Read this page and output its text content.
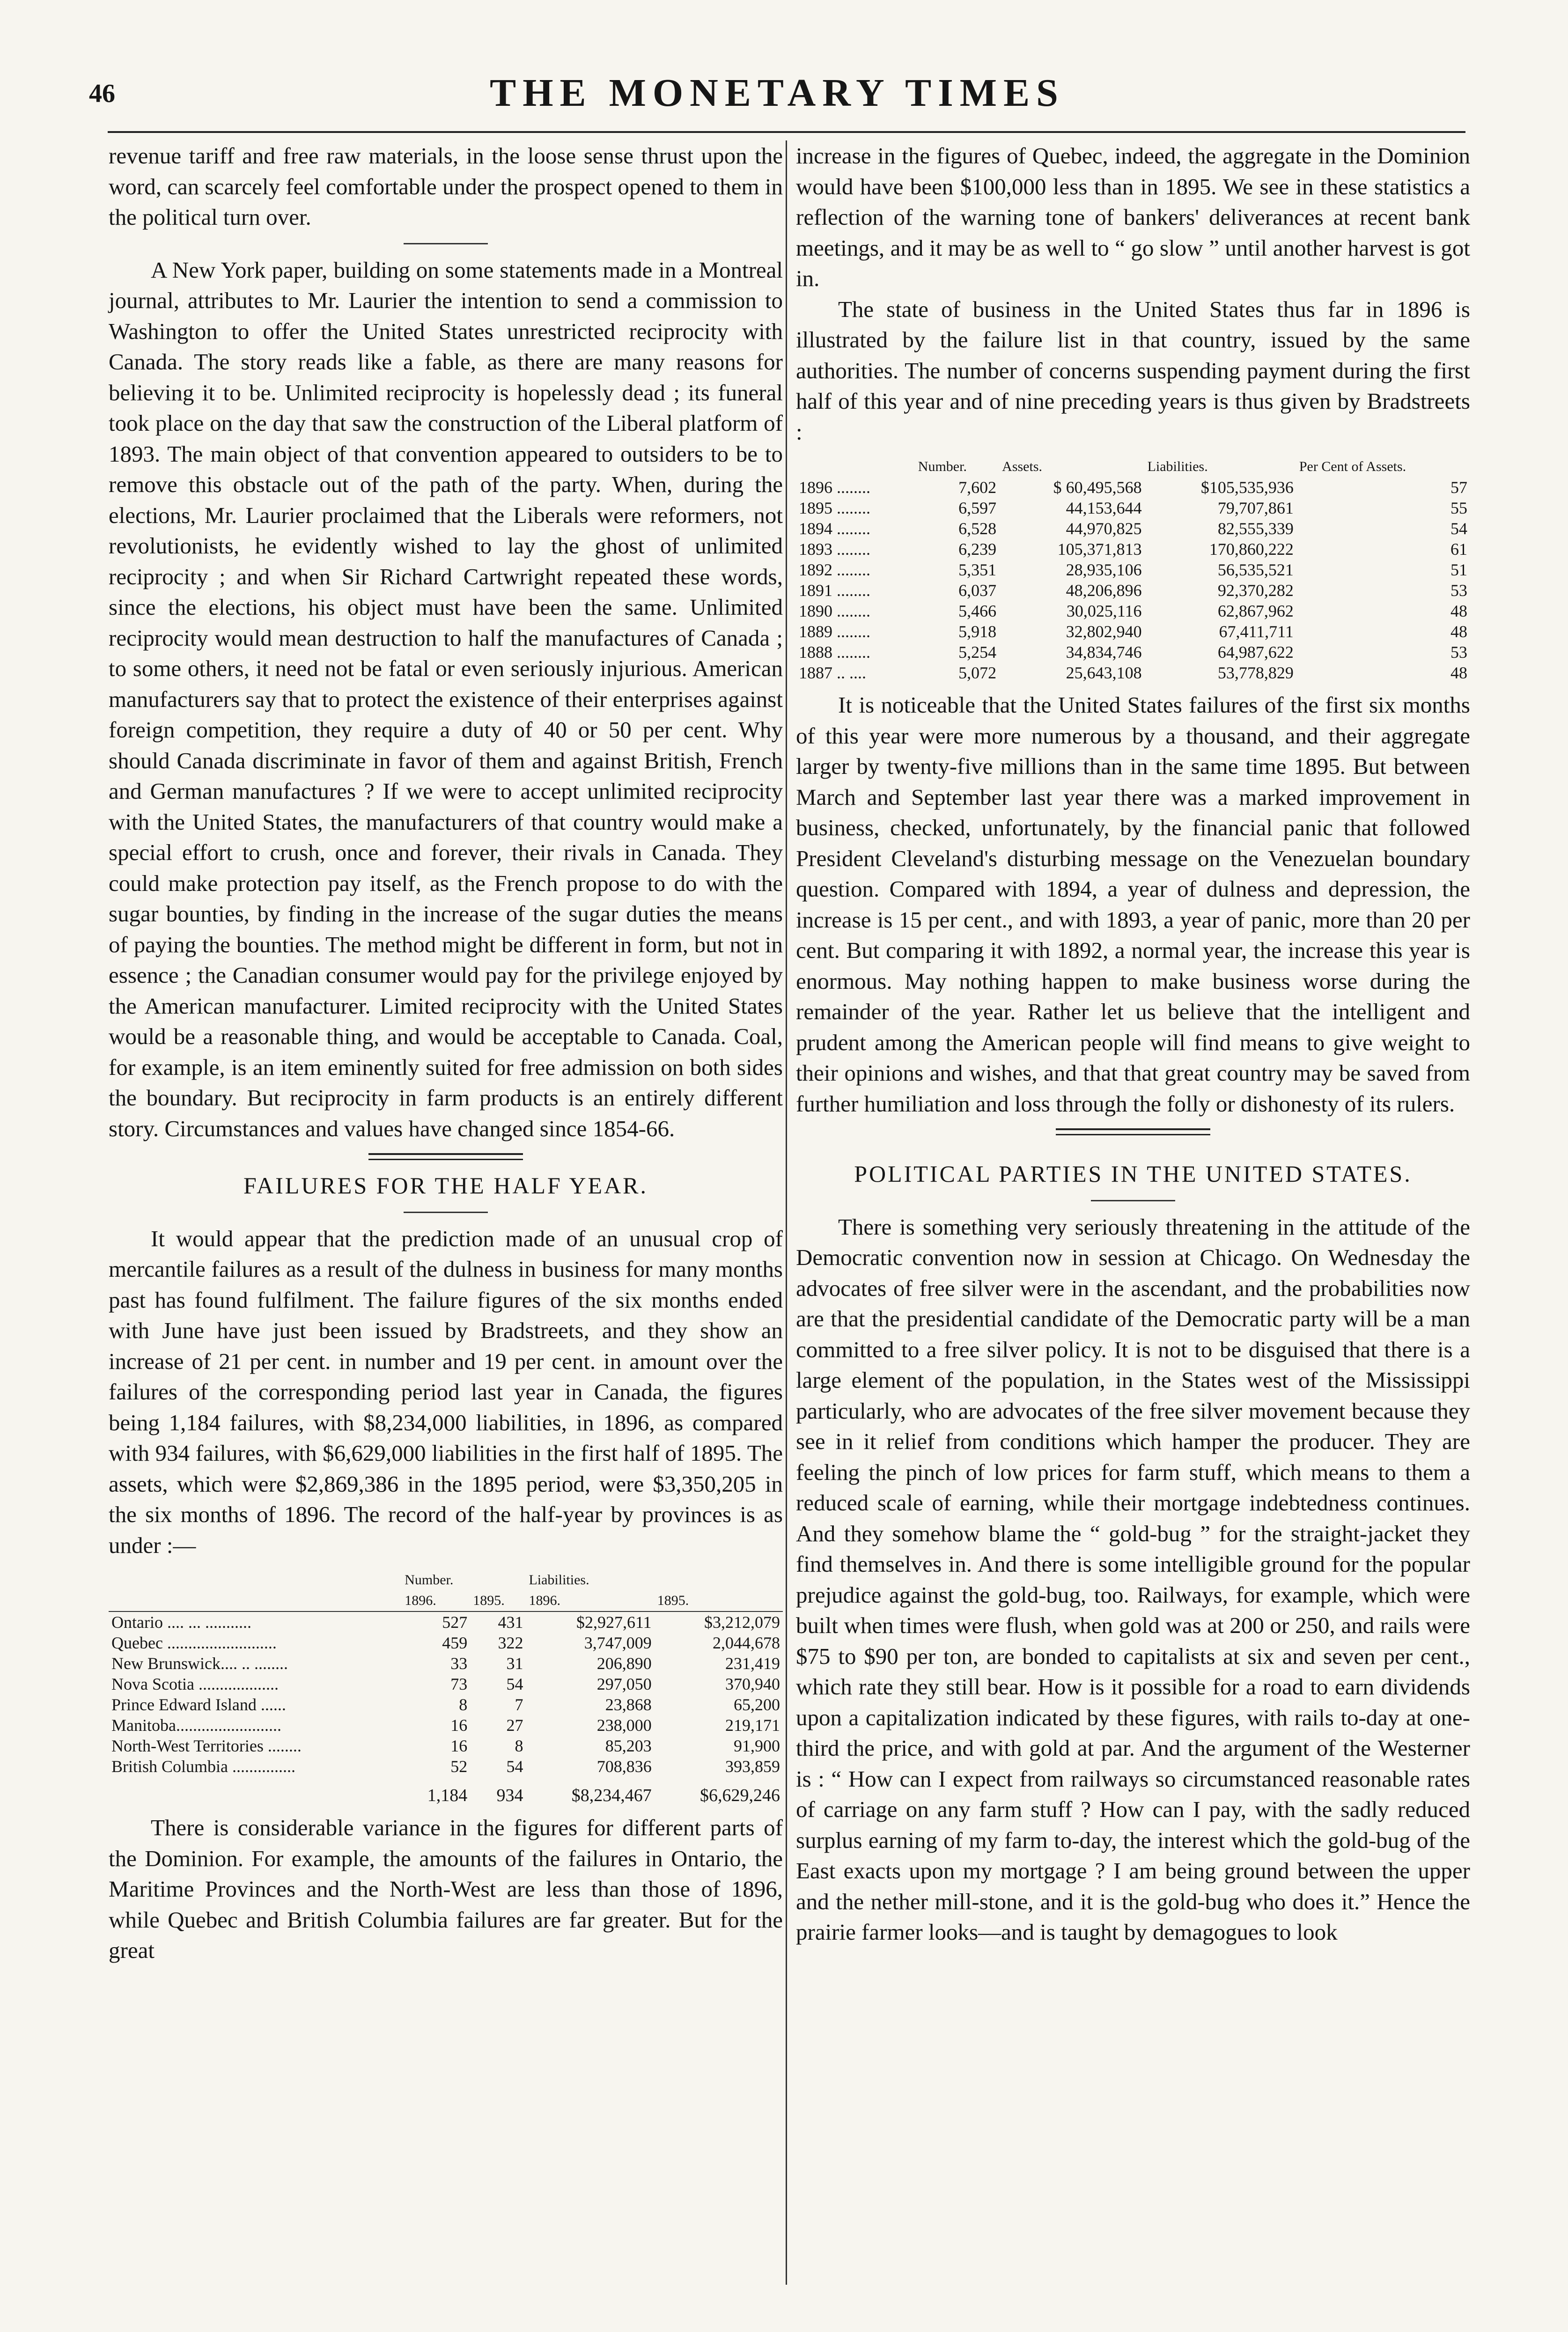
46	THE MONETARY TIMES

revenue tariff and free raw materials, in the loose sense thrust upon the word, can scarcely feel comfortable under the prospect opened to them in the political turn over.

A New York paper, building on some statements made in a Montreal journal, attributes to Mr. Laurier the intention to send a commission to Washington to offer the United States unrestricted reciprocity with Canada. The story reads like a fable, as there are many reasons for believing it to be. Unlimited reciprocity is hopelessly dead ; its funeral took place on the day that saw the construction of the Liberal platform of 1893. The main object of that convention appeared to outsiders to be to remove this obstacle out of the path of the party. When, during the elections, Mr. Laurier proclaimed that the Liberals were reformers, not revolutionists, he evidently wished to lay the ghost of unlimited reciprocity ; and when Sir Richard Cartwright repeated these words, since the elections, his object must have been the same. Unlimited reciprocity would mean destruction to half the manufactures of Canada ; to some others, it need not be fatal or even seriously injurious. American manufacturers say that to protect the existence of their enterprises against foreign competition, they require a duty of 40 or 50 per cent. Why should Canada discriminate in favor of them and against British, French and German manufactures ? If we were to accept unlimited reciprocity with the United States, the manufacturers of that country would make a special effort to crush, once and forever, their rivals in Canada. They could make protection pay itself, as the French propose to do with the sugar bounties, by finding in the increase of the sugar duties the means of paying the bounties. The method might be different in form, but not in essence ; the Canadian consumer would pay for the privilege enjoyed by the American manufacturer. Limited reciprocity with the United States would be a reasonable thing, and would be acceptable to Canada. Coal, for example, is an item eminently suited for free admission on both sides the boundary. But reciprocity in farm products is an entirely different story. Circumstances and values have changed since 1854-66.

FAILURES FOR THE HALF YEAR.

It would appear that the prediction made of an unusual crop of mercantile failures as a result of the dulness in business for many months past has found fulfilment. The failure figures of the six months ended with June have just been issued by Bradstreets, and they show an increase of 21 per cent. in number and 19 per cent. in amount over the failures of the corresponding period last year in Canada, the figures being 1,184 failures, with $8,234,000 liabilities, in 1896, as compared with 934 failures, with $6,629,000 liabilities in the first half of 1895. The assets, which were $2,869,386 in the 1895 period, were $3,350,205 in the six months of 1896. The record of the half-year by provinces is as under :—

	Number.		Liabilities.	
	1896.	1895.	1896.	1895.
Ontario .... ... ...........	527	431	$2,927,611	$3,212,079
Quebec ..........................	459	322	3,747,009	2,044,678
New Brunswick.... .. ........	33	31	206,890	231,419
Nova Scotia ...................	73	54	297,050	370,940
Prince Edward Island ......	8	7	23,868	65,200
Manitoba.........................	16	27	238,000	219,171
North-West Territories ........	16	8	85,203	91,900
British Columbia ...............	52	54	708,836	393,859
	1,184	934	$8,234,467	$6,629,246

There is considerable variance in the figures for different parts of the Dominion. For example, the amounts of the failures in Ontario, the Maritime Provinces and the North-West are less than those of 1896, while Quebec and British Columbia failures are far greater. But for the great

increase in the figures of Quebec, indeed, the aggregate in the Dominion would have been $100,000 less than in 1895. We see in these statistics a reflection of the warning tone of bankers' deliverances at recent bank meetings, and it may be as well to “ go slow ” until another harvest is got in.

The state of business in the United States thus far in 1896 is illustrated by the failure list in that country, issued by the same authorities. The number of concerns suspending payment during the first half of this year and of nine preceding years is thus given by Bradstreets :

	Number.	Assets.	Liabilities.	Per Cent of Assets.
1896 ........	7,602	$ 60,495,568	$105,535,936	57
1895 ........	6,597	44,153,644	79,707,861	55
1894 ........	6,528	44,970,825	82,555,339	54
1893 ........	6,239	105,371,813	170,860,222	61
1892 ........	5,351	28,935,106	56,535,521	51
1891 ........	6,037	48,206,896	92,370,282	53
1890 ........	5,466	30,025,116	62,867,962	48
1889 ........	5,918	32,802,940	67,411,711	48
1888 ........	5,254	34,834,746	64,987,622	53
1887 .. ....	5,072	25,643,108	53,778,829	48

It is noticeable that the United States failures of the first six months of this year were more numerous by a thousand, and their aggregate larger by twenty-five millions than in the same time 1895. But between March and September last year there was a marked improvement in business, checked, unfortunately, by the financial panic that followed President Cleveland's disturbing message on the Venezuelan boundary question. Compared with 1894, a year of dulness and depression, the increase is 15 per cent., and with 1893, a year of panic, more than 20 per cent. But comparing it with 1892, a normal year, the increase this year is enormous. May nothing happen to make business worse during the remainder of the year. Rather let us believe that the intelligent and prudent among the American people will find means to give weight to their opinions and wishes, and that that great country may be saved from further humiliation and loss through the folly or dishonesty of its rulers.

POLITICAL PARTIES IN THE UNITED STATES.

There is something very seriously threatening in the attitude of the Democratic convention now in session at Chicago. On Wednesday the advocates of free silver were in the ascendant, and the probabilities now are that the presidential candidate of the Democratic party will be a man committed to a free silver policy. It is not to be disguised that there is a large element of the population, in the States west of the Mississippi particularly, who are advocates of the free silver movement because they see in it relief from conditions which hamper the producer. They are feeling the pinch of low prices for farm stuff, which means to them a reduced scale of earning, while their mortgage indebtedness continues. And they somehow blame the “ gold-bug ” for the straight-jacket they find themselves in. And there is some intelligible ground for the popular prejudice against the gold-bug, too. Railways, for example, which were built when times were flush, when gold was at 200 or 250, and rails were $75 to $90 per ton, are bonded to capitalists at six and seven per cent., which rate they still bear. How is it possible for a road to earn dividends upon a capitalization indicated by these figures, with rails to-day at one-third the price, and with gold at par. And the argument of the Westerner is : “ How can I expect from railways so circumstanced reasonable rates of carriage on any farm stuff ? How can I pay, with the sadly reduced surplus earning of my farm to-day, the interest which the gold-bug of the East exacts upon my mortgage ? I am being ground between the upper and the nether mill-stone, and it is the gold-bug who does it.” Hence the prairie farmer looks—and is taught by demagogues to look
